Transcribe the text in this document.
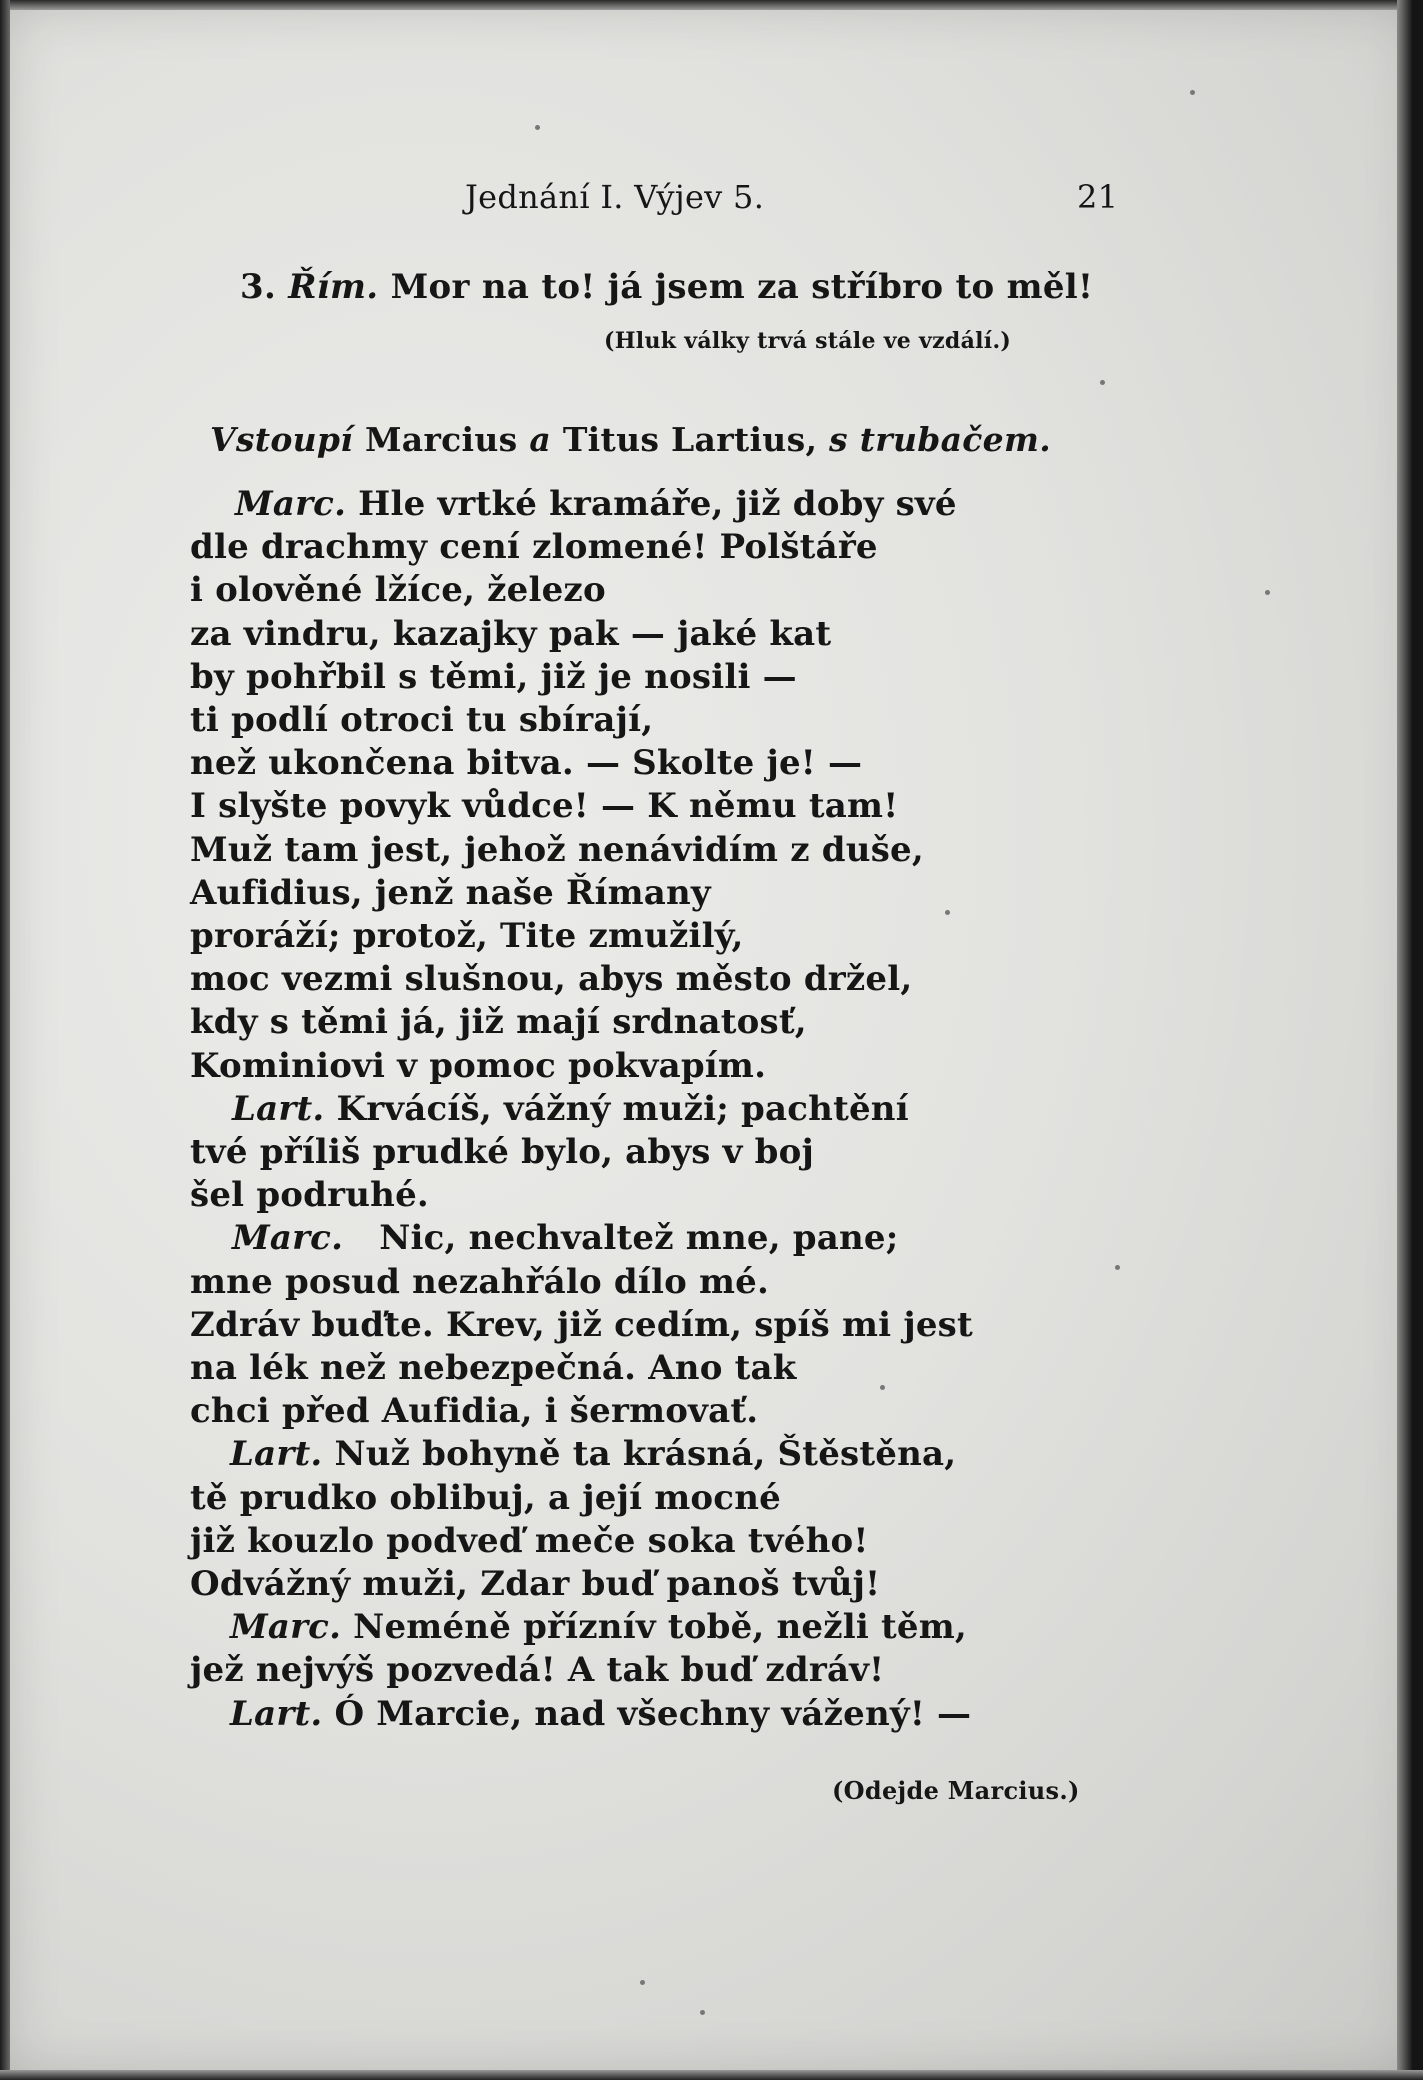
Jednání I. Výjev 5.	21
3. Řím. Mor na to! já jsem za stříbro to měl!
(Hluk války trvá stále ve vzdálí.)
Vstoupí Marcius a Titus Lartius, s trubačem.
Marc. Hle vrtké kramáře, již doby své
dle drachmy cení zlomené! Polštáře
i olověné lžíce, železo
za vindru, kazajky pak — jaké kat
by pohřbil s těmi, již je nosili —
ti podlí otroci tu sbírají,
než ukončena bitva. — Skolte je! —
I slyšte povyk vůdce! — K němu tam!
Muž tam jest, jehož nenávidím z duše,
Aufidius, jenž naše Římany
proráží; protož, Tite zmužilý,
moc vezmi slušnou, abys město držel,
kdy s těmi já, již mají srdnatosť,
Kominiovi v pomoc pokvapím.
Lart. Krvácíš, vážný muži; pachtění
tvé příliš prudké bylo, abys v boj
šel podruhé.
Marc.   Nic, nechvaltež mne, pane;
mne posud nezahřálo dílo mé.
Zdráv buďte. Krev, již cedím, spíš mi jest
na lék než nebezpečná. Ano tak
chci před Aufidia, i šermovať.
Lart. Nuž bohyně ta krásná, Štěstěna,
tě prudko oblibuj, a její mocné
již kouzlo podveď meče soka tvého!
Odvážný muži, Zdar buď panoš tvůj!
Marc. Neméně příznív tobě, nežli těm,
jež nejvýš pozvedá! A tak buď zdráv!
Lart. Ó Marcie, nad všechny vážený! —
(Odejde Marcius.)
